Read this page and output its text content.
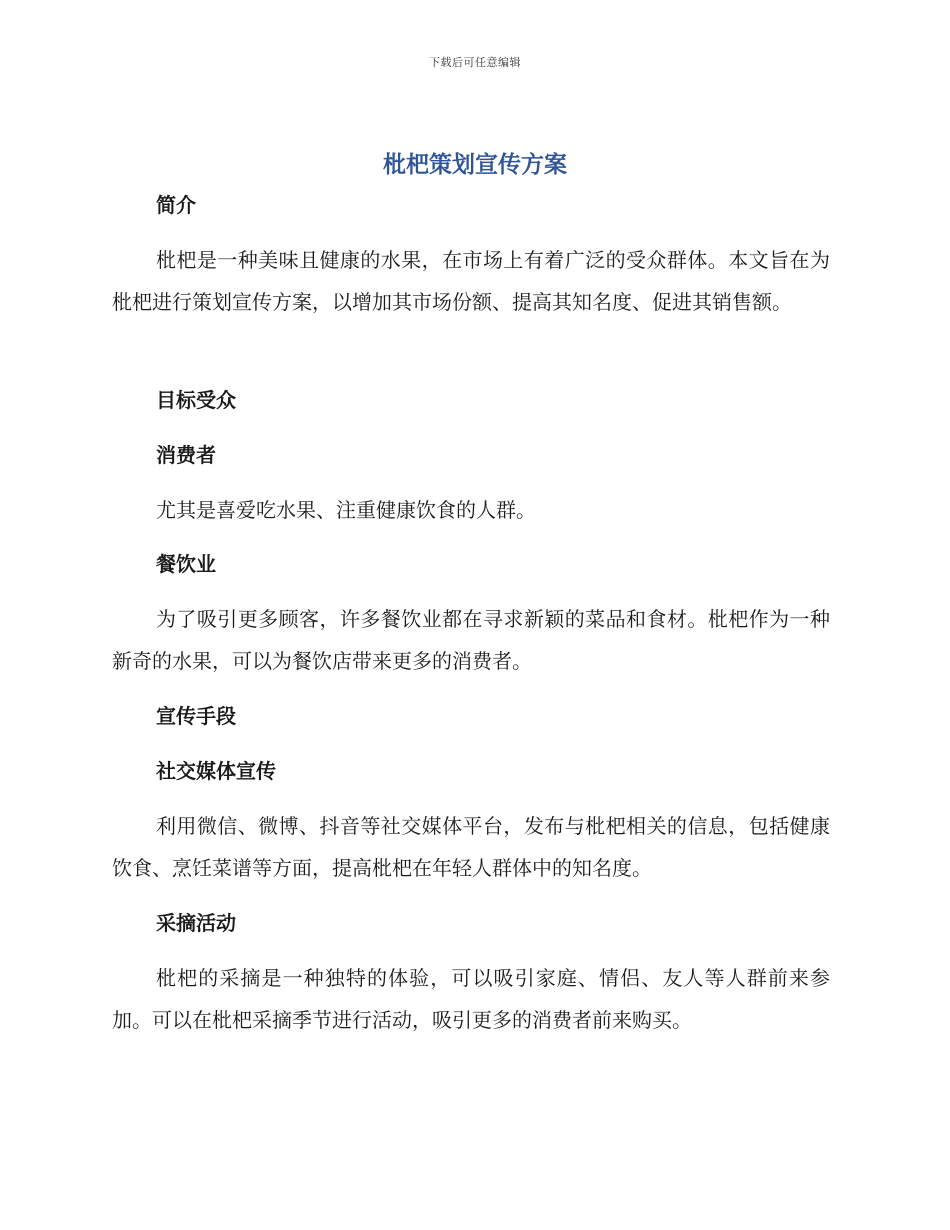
下载后可任意编辑
枇杷策划宣传方案
简介

枇杷是一种美味且健康的水果，在市场上有着广泛的受众群体。本文旨在为枇杷进行策划宣传方案，以增加其市场份额、提高其知名度、促进其销售额。

目标受众
消费者

尤其是喜爱吃水果、注重健康饮食的人群。

餐饮业

为了吸引更多顾客，许多餐饮业都在寻求新颖的菜品和食材。枇杷作为一种新奇的水果，可以为餐饮店带来更多的消费者。

宣传手段
社交媒体宣传

利用微信、微博、抖音等社交媒体平台，发布与枇杷相关的信息，包括健康饮食、烹饪菜谱等方面，提高枇杷在年轻人群体中的知名度。

采摘活动

枇杷的采摘是一种独特的体验，可以吸引家庭、情侣、友人等人群前来参加。可以在枇杷采摘季节进行活动，吸引更多的消费者前来购买。
